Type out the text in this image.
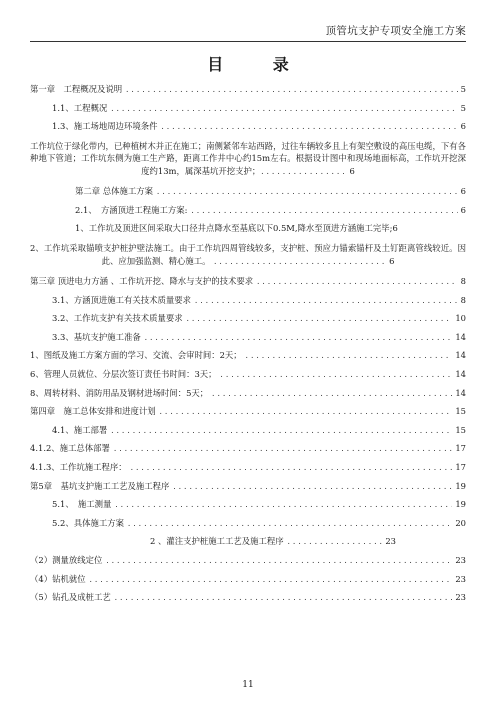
顶管坑支护专项安全施工方案
目 录
第一章　工程概况及说明 .....	5
1.1、工程概况 .....	5
1.3、施工场地周边环境条件 .....	6
工作坑位于绿化带内，已种植树木并正在施工；南侧紧邻车站西路，过往车辆较多且上有架空敷设的高压电缆，下有各种地下管道；工作坑东侧为施工生产路，距离工作井中心约15m左右。根据设计图中和现场地面标高，工作坑开挖深度约13m，属深基坑开挖支护；................ 6
第二章 总体施工方案 .....	6
2.1、　方涵顶进工程施工方案: .....	6
1、工作坑及顶进区间采取大口径井点降水至基底以下0.5M,降水至顶进方涵施工完毕;6
2、工作坑采取锚喷支护桩护壁法施工。由于工作坑四周管线较多，支护桩、预应力锚索锚杆及土钉距离管线较近。因此、应加强监测、精心施工。 ................................ 6
第三章 顶进电力方涵 、工作坑开挖、降水与支护的技术要求 .....	8
3.1、方涵顶进施工有关技术质量要求 .....	8
3.2、工作坑支护有关技术质量要求 .....	10
3.3、基坑支护施工准备 .....	14
1、图纸及施工方案方面的学习、交流、会审时间：2天； .....	14
6、管理人员就位、分层次签订责任书时间：3天； .....	14
8、周转材料、消防用品及钢材进场时间：5天； .....	14
第四章　施工总体安排和进度计划 .....	15
4.1、施工部署 .....	15
4.1.2、施工总体部署 .....	17
4.1.3、工作坑施工程序： .....	17
第5章　基坑支护施工工艺及施工程序 .....	19
5.1、　施工测量 .....	19
5.2、具体施工方案 .....	20
2 、灌注支护桩施工工艺及施工程序 .....	23
（2）测量放线定位 .....	23
（4）钻机就位 .....	23
（5）钻孔及成桩工艺 .....	23
11
